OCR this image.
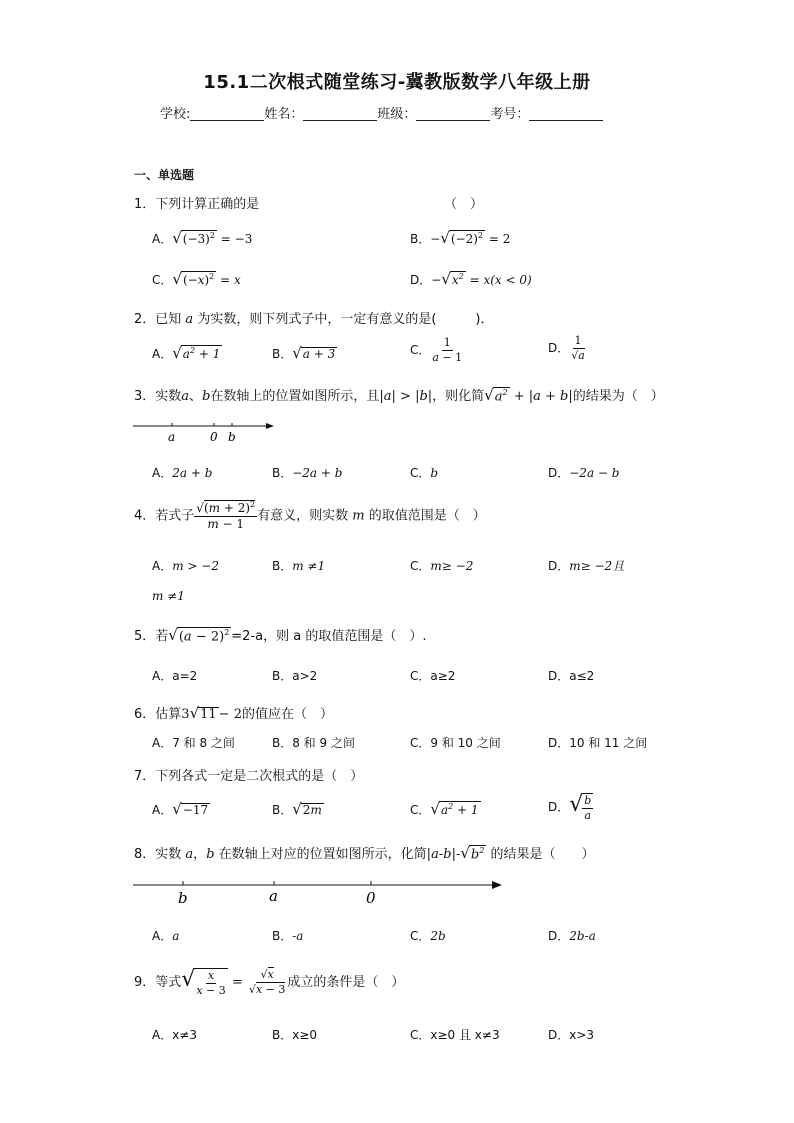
15.1二次根式随堂练习-冀教版数学八年级上册
学校:	姓名：	班级：	考号：
一、单选题
1．下列计算正确的是	（　）
A．$√(-3)^2 = -3$	B．$-√(-2)^2 = 2$
C．$√(-x)^2 = x$	D．$-√x^2 = x(x < 0)$
2．已知 a 为实数，则下列式子中，一定有意义的是(　　　)．
A．$√a^2 + 1$	B．√a + 3	C． $\frac{1}{a - 1}$	D． $\frac{1}{√a}$
3．实数a、b在数轴上的位置如图所示，且|a| > |b|，则化简$√a^2 + |a + b|$的结果为（　）
a	0 b
A．2a + b	B．−2a + b	C．b	D．−2a − b
4．若式子 $\frac{√(m + 2)^2}{m - 1}$ 有意义，则实数 m 的取值范围是（　）
A．m > −2	B．m ≠1	C．m≥ −2	D．m≥ −2且
m ≠1
5．若$√(a - 2)^2 =2-a$，则 a 的取值范围是（　）.
A．a=2	B．a>2	C．a≥2	D．a≤2
6．估算3√11 − 2的值应在（　）
A．7 和 8 之间	B．8 和 9 之间	C．9 和 10 之间	D．10 和 11 之间
7．下列各式一定是二次根式的是（　）
A．√−17	B．√2m	C．$√a^2 + 1$	D．√ $\frac{b}{a}$
8．实数 a，b 在数轴上对应的位置如图所示，化简$|a-b|-√b^2$ 的结果是（　　）
b	a	0
A．a	B．-a	C．2b	D．2b-a
9．等式√ $\frac{x}{x - 3} = \frac{√x}{√x - 3}$ 成立的条件是（　）
A．x≠3	B．x≥0	C．x≥0 且 x≠3	D．x>3
